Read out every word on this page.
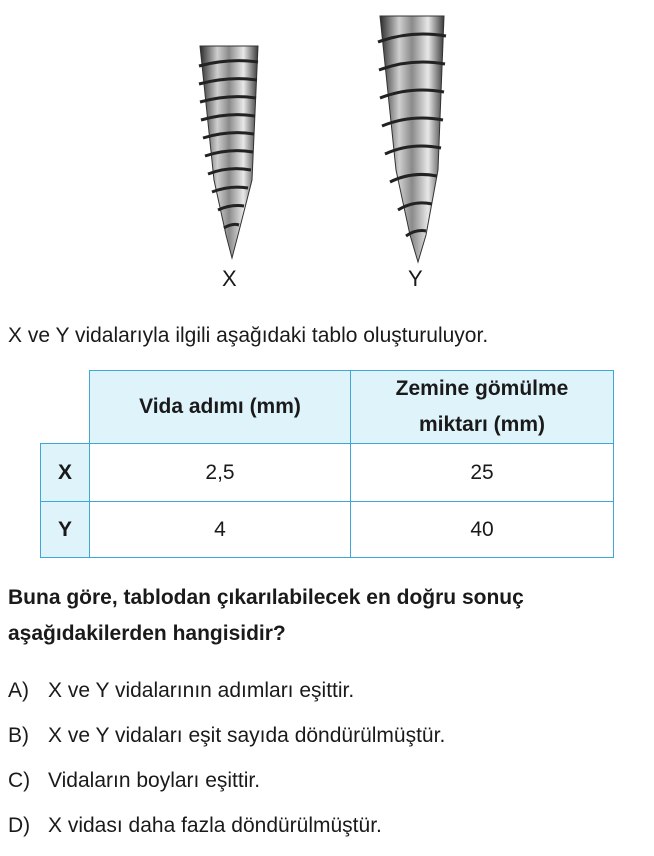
X	Y
X ve Y vidalarıyla ilgili aşağıdaki tablo oluşturuluyor.
	Vida adımı (mm)	Zemine gömülme miktarı (mm)
X	2,5	25
Y	4	40
Buna göre, tablodan çıkarılabilecek en doğru sonuç aşağıdakilerden hangisidir?
A) X ve Y vidalarının adımları eşittir.
B) X ve Y vidaları eşit sayıda döndürülmüştür.
C) Vidaların boyları eşittir.
D) X vidası daha fazla döndürülmüştür.
